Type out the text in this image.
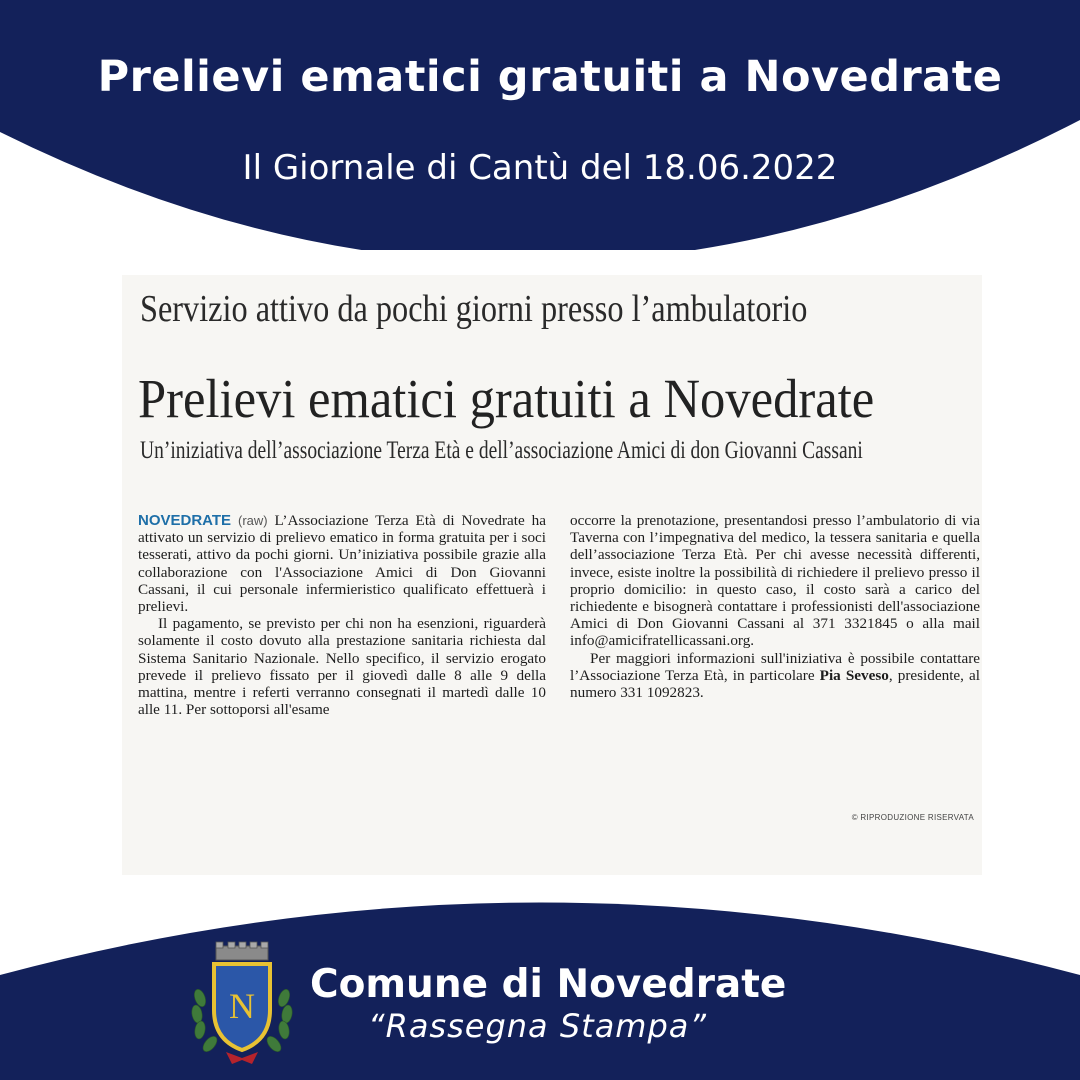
Prelievi ematici gratuiti a Novedrate
Il Giornale di Cantù del 18.06.2022
Servizio attivo da pochi giorni presso l’ambulatorio
Prelievi ematici gratuiti a Novedrate
Un’iniziativa dell’associazione Terza Età e dell’associazione Amici di don Giovanni Cassani

NOVEDRATE (raw) L’Associazione Terza Età di Novedrate ha attivato un servizio di prelievo ematico in forma gratuita per i soci tesserati, attivo da pochi giorni. Un’iniziativa possibile grazie alla collaborazione con l'Associazione Amici di Don Giovanni Cassani, il cui personale infermieristico qualificato effettuerà i prelievi.

Il pagamento, se previsto per chi non ha esenzioni, riguarderà solamente il costo dovuto alla prestazione sanitaria richiesta dal Sistema Sanitario Nazionale. Nello specifico, il servizio erogato prevede il prelievo fissato per il giovedì dalle 8 alle 9 della mattina, mentre i referti verranno consegnati il martedì dalle 10 alle 11. Per sottoporsi all'esame

occorre la prenotazione, presentandosi presso l’ambulatorio di via Taverna con l’impegnativa del medico, la tessera sanitaria e quella dell’associazione Terza Età. Per chi avesse necessità differenti, invece, esiste inoltre la possibilità di richiedere il prelievo presso il proprio domicilio: in questo caso, il costo sarà a carico del richiedente e bisognerà contattare i professionisti dell'associazione Amici di Don Giovanni Cassani al 371 3321845 o alla mail info@amicifratellicassani.org.

Per maggiori informazioni sull'iniziativa è possibile contattare l’Associazione Terza Età, in particolare Pia Seveso, presidente, al numero 331 1092823.

© RIPRODUZIONE RISERVATA
N Comune di Novedrate
“Rassegna Stampa”
